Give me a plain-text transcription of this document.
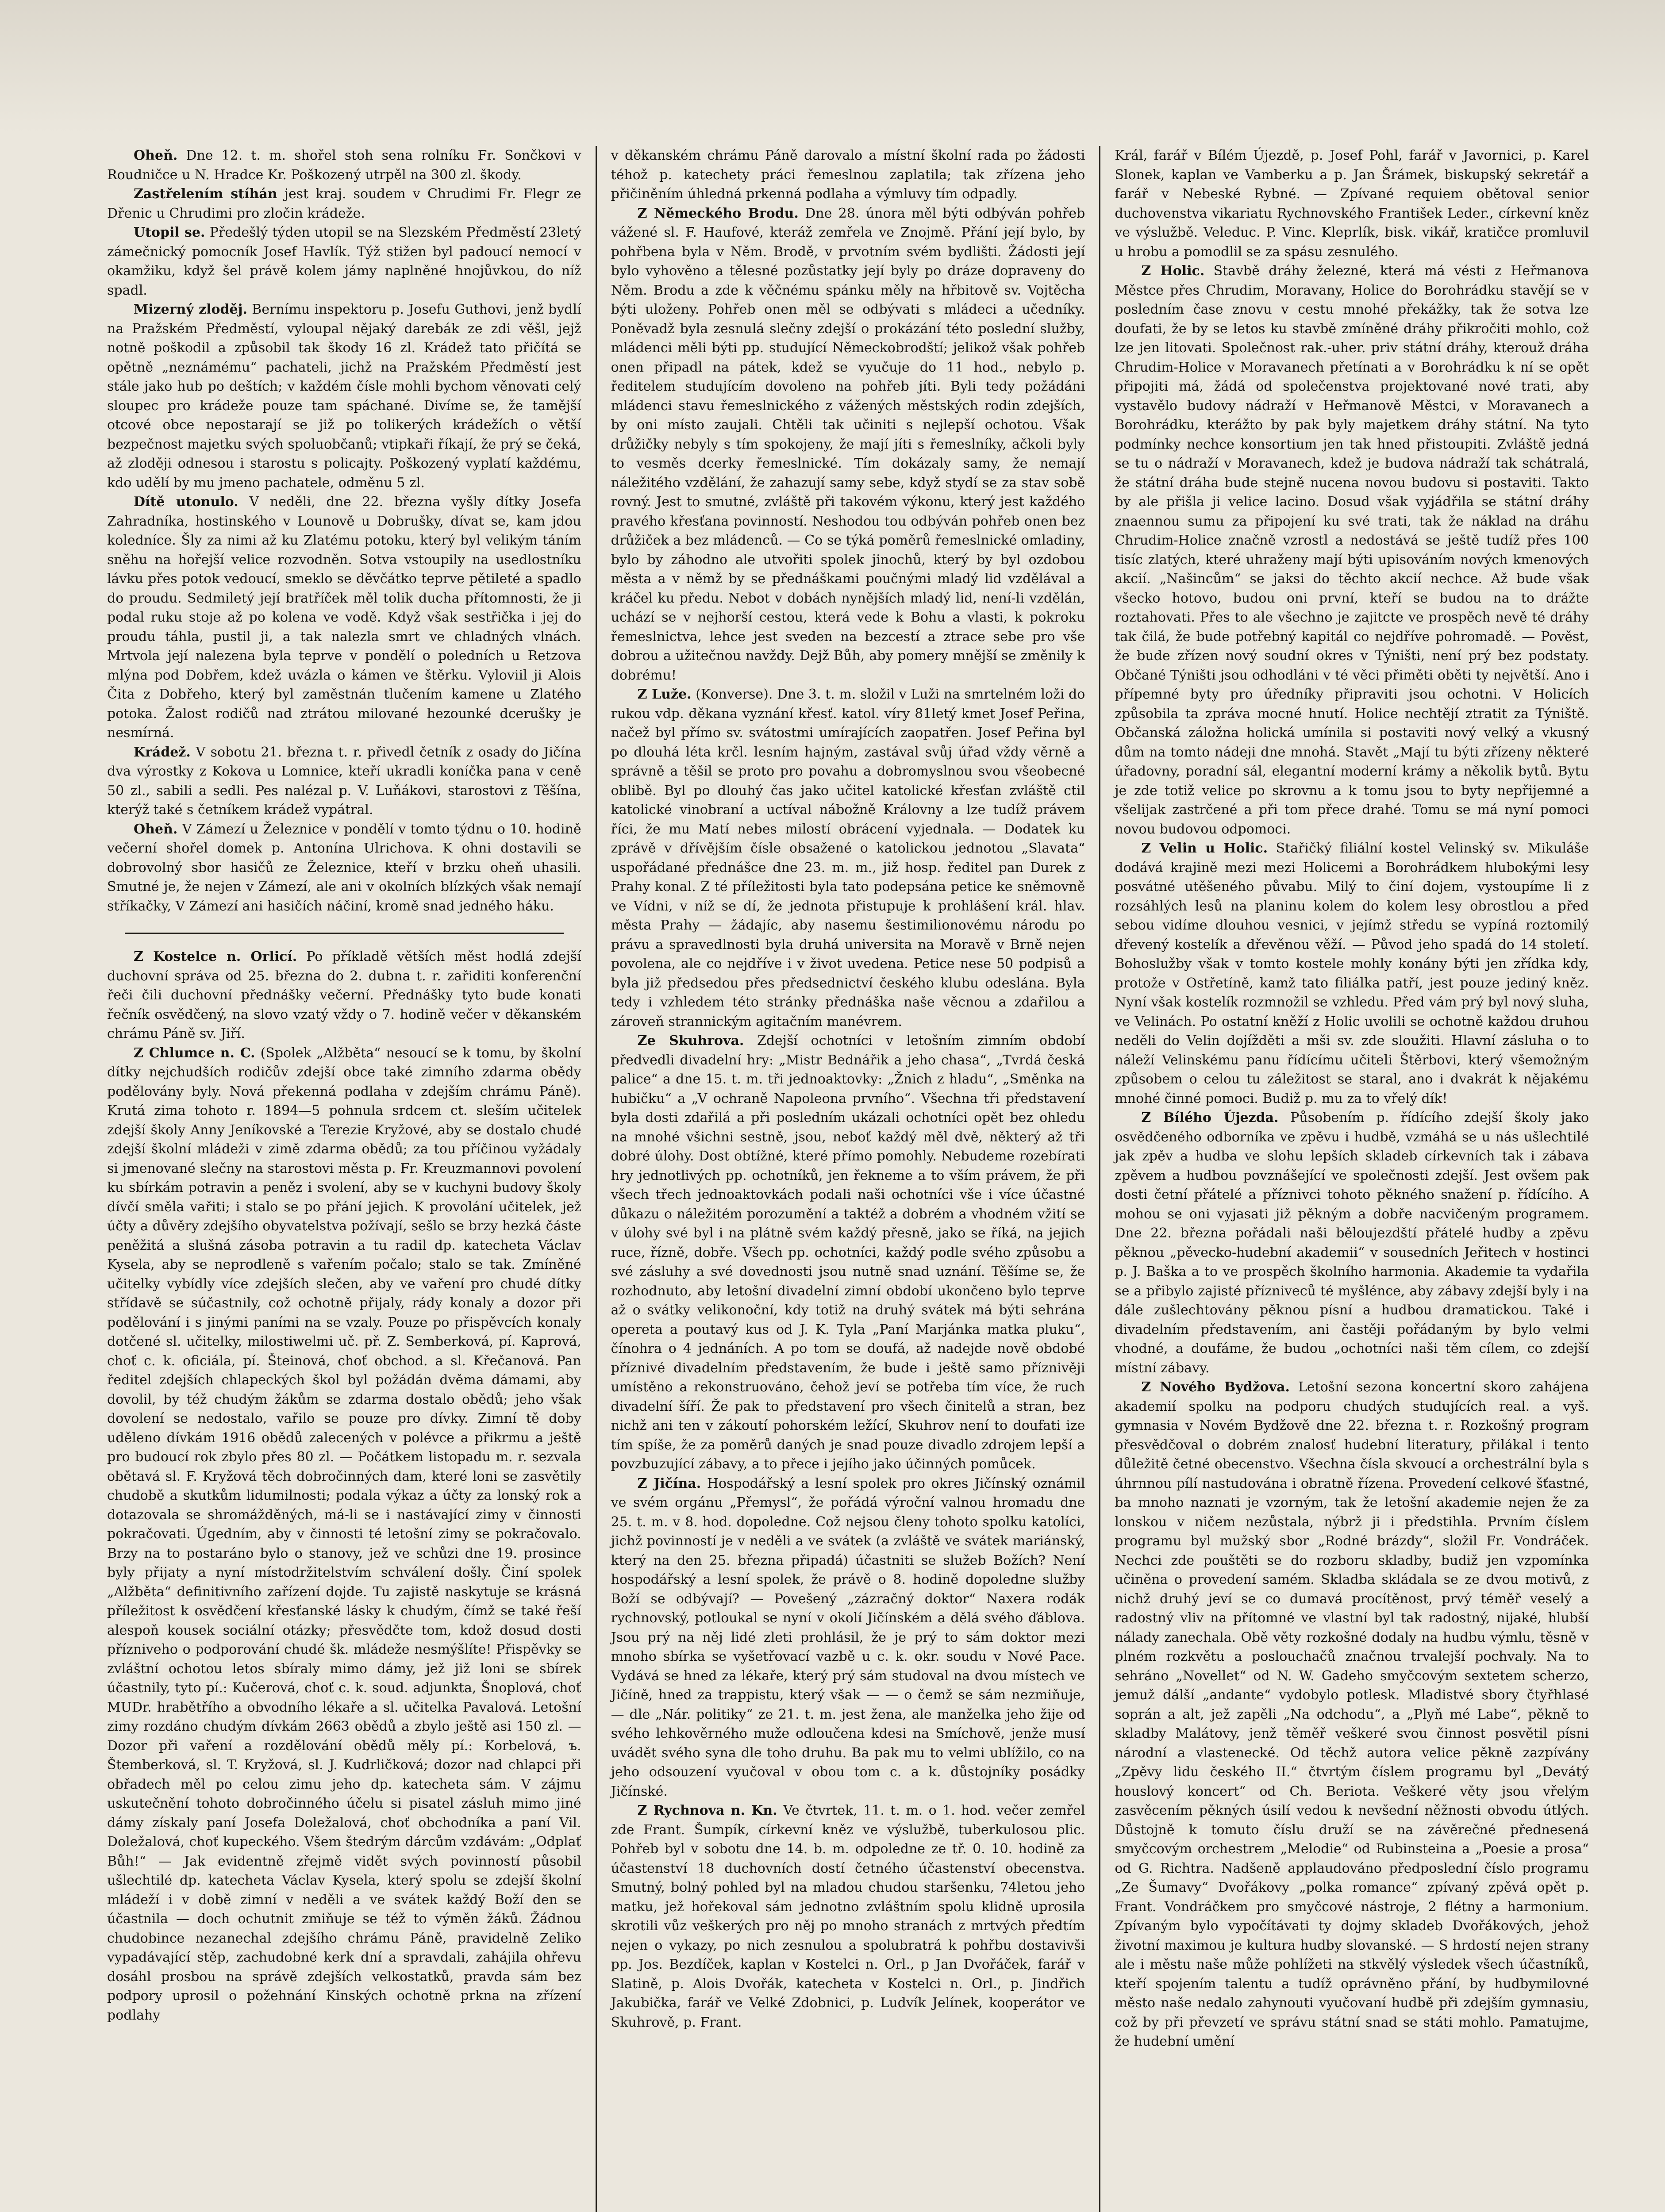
Oheň. Dne 12. t. m. shořel stoh sena rolníku Fr. Sončkovi v Roudničce u N. Hradce Kr. Poškozený utrpěl na 300 zl. škody.

Zastřelením stíhán jest kraj. soudem v Chrudimi Fr. Flegr ze Dřenic u Chrudimi pro zločin krádeže.

Utopil se. Předešlý týden utopil se na Slezském Předměstí 23letý zámečnický pomocník Josef Havlík. Týž stižen byl padoucí nemocí v okamžiku, když šel právě kolem jámy naplněné hnojůvkou, do níž spadl.

Mizerný zloděj. Bernímu inspektoru p. Josefu Guthovi, jenž bydlí na Pražském Předměstí, vyloupal nějaký darebák ze zdi věšl, jejž notně poškodil a způsobil tak škody 16 zl. Krádež tato přičítá se opětně „neznámému“ pachateli, jichž na Pražském Předměstí jest stále jako hub po deštích; v každém čísle mohli bychom věnovati celý sloupec pro krádeže pouze tam spáchané. Divíme se, že tamější otcové obce nepostarají se již po tolikerých krádežích o větší bezpečnost majetku svých spoluobčanů; vtipkaři říkají, že prý se čeká, až zloději odnesou i starostu s policajty. Poškozený vyplatí každému, kdo udělí by mu jmeno pachatele, odměnu 5 zl.

Dítě utonulo. V neděli, dne 22. března vyšly dítky Josefa Zahradníka, hostinského v Lounově u Dobrušky, dívat se, kam jdou koledníce. Šly za nimi až ku Zlatému potoku, který byl velikým táním sněhu na hořejší velice rozvodněn. Sotva vstoupily na usedlostníku lávku přes potok vedoucí, smeklo se děvčátko teprve pětileté a spadlo do proudu. Sedmiletý její bratříček měl tolik ducha přítomnosti, že ji podal ruku stoje až po kolena ve vodě. Když však sestřička i jej do proudu táhla, pustil ji, a tak nalezla smrt ve chladných vlnách. Mrtvola její nalezena byla teprve v pondělí o poledních u Retzova mlýna pod Dobřem, kdež uvázla o kámen ve štěrku. Vyloviil ji Alois Čita z Dobřeho, který byl zaměstnán tlučením kamene u Zlatého potoka. Žalost rodičů nad ztrátou milované hezounké dcerušky je nesmírná.

Krádež. V sobotu 21. března t. r. přivedl četník z osady do Jičína dva výrostky z Kokova u Lomnice, kteří ukradli koníčka pana v ceně 50 zl., sabili a sedli. Pes nalézal p. V. Luňákovi, starostovi z Těšína, kterýž také s četníkem krádež vypátral.

Oheň. V Zámezí u Železnice v pondělí v tomto týdnu o 10. hodině večerní shořel domek p. Antonína Ulrichova. K ohni dostavili se dobrovolný sbor hasičů ze Železnice, kteří v brzku oheň uhasili. Smutné je, že nejen v Zámezí, ale ani v okolních blízkých však nemají stříkačky, V Zámezí ani hasičích náčiní, kromě snad jedného háku.

Z Kostelce n. Orlicí. Po příkladě větších měst hodlá zdejší duchovní správa od 25. března do 2. dubna t. r. zařiditi konferenční řeči čili duchovní přednášky večerní. Přednášky tyto bude konati řečník osvědčený, na slovo vzatý vždy o 7. hodině večer v děkanském chrámu Páně sv. Jiří.

Z Chlumce n. C. (Spolek „Alžběta“ nesoucí se k tomu, by školní dítky nejchudších rodičův zdejší obce také zimního zdarma obědy podělovány byly. Nová překenná podlaha v zdejším chrámu Páně). Krutá zima tohoto r. 1894—5 pohnula srdcem ct. sleším učitelek zdejší školy Anny Jeníkovské a Terezie Kryžové, aby se dostalo chudé zdejší školní mládeži v zimě zdarma obědů; za tou příčinou vyžádaly si jmenované slečny na starostovi města p. Fr. Kreuzmannovi povolení ku sbírkám potravin a peněz i svolení, aby se v kuchyni budovy školy dívčí směla vařiti; i stalo se po přání jejich. K provolání učitelek, jež účty a důvěry zdejšího obyvatelstva požívají, sešlo se brzy hezká částe peněžitá a slušná zásoba potravin a tu radil dp. katecheta Václav Kysela, aby se neprodleně s vařením počalo; stalo se tak. Zmíněné učitelky vybídly více zdejších slečen, aby ve vaření pro chudé dítky střídavě se súčastnily, což ochotně přijaly, rády konaly a dozor při podělování i s jinými paními na se vzaly. Pouze po přispěvcích konaly dotčené sl. učitelky, milostiwelmi uč. př. Z. Semberková, pí. Kaprová, choť c. k. oficiála, pí. Šteinová, choť obchod. a sl. Křečanová. Pan ředitel zdejších chlapeckých škol byl požádán dvěma dámami, aby dovolil, by též chudým žákům se zdarma dostalo obědů; jeho však dovolení se nedostalo, vařilo se pouze pro dívky. Zimní tě doby udělenо dívkám 1916 obědů zalecených v polévce a přikrmu a ještě pro budoucí rok zbylo přes 80 zl. — Počátkem listopadu m. r. sezvala obětavá sl. F. Kryžová těch dobročinných dam, které loni se zasvětily chudobě a skutkům lidumilnosti; podala výkaz a účty za lonský rok a dotazovala se shromážděných, má-li se i nastávající zimy v činnosti pokračovati. Úgedním, aby v činnosti té letošní zimy se pokračovalo. Brzy na to postaráno bylo o stanovy, jež ve schůzi dne 19. prosince byly přijaty a nyní místodržitelstvím schválení došly. Činí spolek „Alžběta“ definitivního zařízení dojde. Tu zajistě naskytuje se krásná příležitost k osvědčení křesťanské lásky k chudým, čímž se také řeší alespoň kousek sociální otázky; přesvědčte tom, kdož dosud dosti přízniveho o podporování chudé šk. mládeže nesmýšlíte! Přispěvky se zvláštní ochotou letos sbíraly mimo dámy, jež již loni se sbírek účastnily, tyto pí.: Kučerová, choť c. k. soud. adjunkta, Šnoplová, choť MUDr. hrabětřího a obvodního lékaře a sl. učitelka Pavalová. Letošní zimy rozdáno chudým dívkám 2663 obědů a zbylo ještě asi 150 zl. — Dozor při vaření a rozdělování obědů měly pí.: Korbelová, ъ. Štemberková, sl. T. Kryžová, sl. J. Kudrličková; dozor nad chlapci při obřadech měl po celou zimu jeho dp. katecheta sám. V zájmu uskutečnění tohoto dobročinného účelu si pisatel zásluh mimo jiné dámy získaly paní Josefa Doležalová, choť obchodníka a paní Vil. Doležalová, choť kupeckého. Všem štedrým dárcům vzdávám: „Odplať Bůh!“ — Jak evidentně zřejmě vidět svých povinností působil ušlechtilé dp. katecheta Václav Kysela, který spolu se zdejší školní mládeží i v době zimní v neděli a ve svátek každý Boží den se účastnila — doch ochutnit zmiňuje se též to výměn žáků. Žádnou chudobince nezanechal zdejšího chrámu Páně, pravidelně Zeliko vypadávající stěp, zachudobné kerk dní a spravdali, zahájila ohřevu dosáhl prosbou na správě zdejších velkostatků, pravda sám bez podpory uprosil o požehnání Kinských ochotně prkna na zřízení podlahy

v děkanském chrámu Páně darovalo a místní školní rada po žádosti téhož p. katechety práci řemeslnou zaplatila; tak zřízena jeho přičiněním úhledná prkenná podlaha a výmluvy tím odpadly.

Z Německého Brodu. Dne 28. února měl býti odbýván pohřeb vážené sl. F. Haufové, kteráž zemřela ve Znojmě. Přání její bylo, by pohřbena byla v Něm. Brodě, v prvotním svém bydlišti. Žádosti její bylo vyhověno a tělesné pozůstatky její byly po dráze dopraveny do Něm. Brodu a zde k věčnému spánku měly na hřbitově sv. Vojtěcha býti uloženy. Pohřeb onen měl se odbývati s mládeci a učedníky. Poněvadž byla zesnulá slečny zdejší o prokázání této poslední služby, mládenci měli býti pp. studující Německobrodští; jelikož však pohřeb onen připadl na pátek, kdež se vyučuje do 11 hod., nebylo p. ředitelem studujícím dovoleno na pohřeb jíti. Byli tedy požádáni mládenci stavu řemeslnického z vážených městských rodin zdejších, by oni místo zaujali. Chtěli tak učiniti s nejlepší ochotou. Však drůžičky nebyly s tím spokojeny, že mají jíti s řemeslníky, ačkoli byly to vesměs dcerky řemeslnické. Tím dokázaly samy, že nemají náležitého vzdělání, že zahazují samy sebe, když stydí se za stav sobě rovný. Jest to smutné, zvláště při takovém výkonu, který jest každého pravého křesťana povinností. Neshodou tou odbýván pohřeb onen bez drůžiček a bez mládenců. — Co se týká poměrů řemeslnické omladiny, bylo by záhodno ale utvořiti spolek jinochů, který by byl ozdobou města a v němž by se přednáškami poučnými mladý lid vzdělával a kráčel ku předu. Nebot v dobách nynějších mladý lid, není-li vzdělán, uchází se v nejhorší cestou, která vede k Bohu a vlasti, k pokroku řemeslnictva, lehce jest sveden na bezcestí a ztrace sebe pro vše dobrou a užitečnou navždy. Dejž Bůh, aby pomery mnější se změnily k dobrému!

Z Luže. (Konverse). Dne 3. t. m. složil v Luži na smrtelném loži do rukou vdp. děkana vyznání křesť. katol. víry 81letý kmet Josef Peřina, načež byl přímo sv. svátostmi umírajících zaopatřen. Josef Peřina byl po dlouhá léta krčl. lesním hajným, zastával svůj úřad vždy věrně a správně a těšil se proto pro povahu a dobromyslnou svou všeobecné oblibě. Byl po dlouhý čas jako učitel katolické křesťan zvláště ctil katolické vinobraní a uctíval nábožně Královny a lze tudíž právem říci, že mu Matí nebes milostí obrácení vyjednala. — Dodatek ku zprávě v dřívějším čísle obsažené o katolickou jednotou „Slavata“ uspořádané přednášce dne 23. m. m., již hosp. ředitel pan Durek z Prahy konal. Z té příležitosti byla tato podepsána petice ke sněmovně ve Vídni, v níž se dí, že jednota přistupuje k prohlášení král. hlav. města Prahy — žádajíc, aby nasemu šestimilionovému národu po právu a spravedlnosti byla druhá universita na Moravě v Brně nejen povolena, ale co nejdříve i v život uvedena. Petice nese 50 podpisů a byla již předsedou přes předsednictví českého klubu odeslána. Byla tedy i vzhledem této stránky přednáška naše věcnou a zdařilou a zároveň strannickým agitačním manévrem.

Ze Skuhrova. Zdejší ochotníci v letošním zimním období předvedli divadelní hry: „Mistr Bednářik a jeho chasa“, „Tvrdá česká palice“ a dne 15. t. m. tři jednoaktovky: „Žnich z hladu“, „Směnka na hubičku“ a „V ochraně Napoleona prvního“. Všechna tři představení byla dosti zdařilá a při posledním ukázali ochotníci opět bez ohledu na mnohé všichni sestně, jsou, neboť každý měl dvě, některý až tři dobré úlohy. Dost obtížné, které přímo pomohly. Nebudeme rozebírati hry jednotlivých pp. ochotníků, jen řekneme a to vším právem, že při všech třech jednoaktovkách podali naši ochotníci vše i více účastné důkazu o náležitém porozumění a taktéž a dobrém a vhodném vžití se v úlohy své byl i na plátně svém každý přesně, jako se říká, na jejich ruce, řízně, dobře. Všech pp. ochotníci, každý podle svého způsobu a své zásluhy a své dovednosti jsou nutně snad uznání. Těšíme se, že rozhodnuto, aby letošní divadelní zimní období ukončeno bylo teprve až o svátky velikonoční, kdy totiž na druhý svátek má býti sehrána opereta a poutavý kus od J. K. Tyla „Paní Marjánka matka pluku“, čínohra o 4 jednáních. A po tom se doufá, až nadejde nově obdobé příznivé divadelním představením, že bude i ještě samo příznivěji umístěno a rekonstruováno, čehož jeví se potřeba tím více, že ruch divadelní šíří. Že pak to představení pro všech činitelů a stran, bez nichž ani ten v zákoutí pohorském ležící, Skuhrov není to doufati ize tím spíše, že za poměrů daných je snad pouze divadlo zdrojem lepší a povzbuzující zábavy, a to přece i jejího jako účinných pomůcek.

Z Jičína. Hospodářský a lesní spolek pro okres Jičínský oznámil ve svém orgánu „Přemysl“, že pořádá výroční valnou hromadu dne 25. t. m. v 8. hod. dopoledne. Což nejsou členy tohoto spolku katolíci, jichž povinností je v neděli a ve svátek (a zvláště ve svátek mariánský, který na den 25. března připadá) účastniti se služeb Božích? Není hospodářský a lesní spolek, že právě o 8. hodině dopoledne služby Boží se odbývají? — Povešený „zázračný doktor“ Naxera rodák rychnovský, potloukal se nyní v okolí Jičínském a dělá svého ďáblova. Jsou prý na něj lidé zleti prohlásil, že je prý to sám doktor mezi mnoho sbírka se vyšetřovací vazbě u c. k. okr. soudu v Nové Pace. Vydává se hned za lékaře, který prý sám studoval na dvou místech ve Jičíně, hned za trappistu, který však — — o čemž se sám nezmiňuje, — dle „Nár. politiky“ ze 21. t. m. jest žena, ale manželka jeho žije od svého lehkověrného muže odloučena kdesi na Smíchově, jenže musí uvádět svého syna dle toho druhu. Ba pak mu to velmi ublížilo, co na jeho odsouzení vyučoval v obou tom c. a k. důstojníky posádky Jičínské.

Z Rychnova n. Kn. Ve čtvrtek, 11. t. m. o 1. hod. večer zemřel zde Frant. Šumpík, církevní kněz ve výslužbě, tuberkulosou plic. Pohřeb byl v sobotu dne 14. b. m. odpoledne ze tř. 0. 10. hodině za účastenství 18 duchovních dostí četného účastenství obecenstva. Smutný, bolný pohled byl na mladou chudou staršenku, 74letou jeho matku, jež hořekoval sám jednotno zvláštním spolu klidně uprosila skrotili vůz veškerých pro něj po mnoho stranách z mrtvých předtím nejen o vykazy, po nich zesnulou a spolubratrá k pohřbu dostavivši pp. Jos. Bezdíček, kaplan v Kostelci n. Orl., p Jan Dvořáček, farář v Slatině, p. Alois Dvořák, katecheta v Kostelci n. Orl., p. Jindřich Jakubička, farář ve Velké Zdobnici, p. Ludvík Jelínek, kooperátor ve Skuhrově, p. Frant.

Král, farář v Bílém Újezdě, p. Josef Pohl, farář v Javornici, p. Karel Slonek, kaplan ve Vamberku a p. Jan Šrámek, biskupský sekretář a farář v Nebeské Rybné. — Zpívané requiem obětoval senior duchovenstva vikariatu Rychnovského František Leder., církevní kněz ve výslužbě. Veleduc. P. Vinc. Kleprlík, bisk. vikář, kratičce promluvil u hrobu a pomodlil se za spásu zesnulého.

Z Holic. Stavbě dráhy železné, která má vésti z Heřmanova Městce přes Chrudim, Moravany, Holice do Borohrádku stavějí se v posledním čase znovu v cestu mnohé překážky, tak že sotva lze doufati, že by se letos ku stavbě zmíněné dráhy přikročiti mohlo, což lze jen litovati. Společnost rak.-uher. priv státní dráhy, kterouž dráha Chrudim-Holice v Moravanech přetínati a v Borohrádku k ní se opět připojiti má, žádá od společenstva projektované nové trati, aby vystavělo budovy nádraží v Heřmanově Městci, v Moravanech a Borohrádku, kterážto by pak byly majetkem dráhy státní. Na tyto podmínky nechce konsortium jen tak hned přistoupiti. Zvláště jedná se tu o nádraží v Moravanech, kdež je budova nádraží tak schátralá, že státní dráha bude stejně nucena novou budovu si postaviti. Takto by ale přišla ji velice lacino. Dosud však vyjádřila se státní dráhy znaennou sumu za připojení ku své trati, tak že náklad na dráhu Chrudim-Holice značně vzrostl a nedostává se ještě tudíž přes 100 tisíc zlatých, které uhraženy mají býti upisováním nových kmenových akcií. „Našincům“ se jaksi do těchto akcií nechce. Až bude však všecko hotovo, budou oni první, kteří se budou na to drážte roztahovati. Přes to ale všechno je zajitcte ve prospěch nevě té dráhy tak čilá, že bude potřebný kapitál co nejdříve pohromadě. — Pověst, že bude zřízen nový soudní okres v Týništi, není prý bez podstaty. Občané Týništi jsou odhodláni v té věci přiměti oběti ty největší. Ano i přípemné byty pro úředníky připraviti jsou ochotni. V Holicích způsobila ta zpráva mocné hnutí. Holice nechtějí ztratit za Týniště. Občanská záložna holická umínila si postaviti nový velký a vkusný dům na tomto nádeji dne mnohá. Stavět „Mají tu býti zřízeny některé úřadovny, poradní sál, elegantní moderní krámy a několik bytů. Bytu je zde totiž velice po skrovnu a k tomu jsou to byty nepřijemné a všelijak zastrčené a při tom přece drahé. Tomu se má nyní pomoci novou budovou odpomoci.

Z Velin u Holic. Stařičký filiální kostel Velinský sv. Mikuláše dodává krajině mezi mezi Holicemi a Borohrádkem hlubokými lesy posvátné utěšeného půvabu. Milý to činí dojem, vystoupíme li z rozsáhlých lesů na planinu kolem do kolem lesy obrostlou a před sebou vidíme dlouhou vesnici, v jejímž středu se vypíná roztomilý dřevený kostelík a dřevěnou věží. — Původ jeho spadá do 14 století. Bohoslužby však v tomto kostele mohly konány býti jen zřídka kdy, protože v Ostřetíně, kamž tato filiálka patří, jest pouze jediný kněz. Nyní však kostelík rozmnožil se vzhledu. Před vám prý byl nový sluha, ve Velinách. Po ostatní kněží z Holic uvolili se ochotně každou druhou neděli do Velin dojížděti a mši sv. zde sloužiti. Hlavní zásluha o to náleží Velinskému panu řídícímu učiteli Štěrbovi, který všemožným způsobem o celou tu záležitost se staral, ano i dvakrát k nějakému mnohé činné pomoci. Budiž p. mu za to vřelý dík!

Z Bílého Újezda. Působením p. řídícího zdejší školy jako osvědčeného odborníka ve zpěvu i hudbě, vzmáhá se u nás ušlechtilé jak zpěv a hudba ve slohu lepších skladeb církevních tak i zábava zpěvem a hudbou povznášející ve společnosti zdejší. Jest ovšem pak dosti četní přátelé a příznivci tohoto pěkného snažení p. řídícího. A mohou se oni vyjasati již pěkným a dobře nacvičeným programem. Dne 22. března pořádali naši běloujezdští přátelé hudby a zpěvu pěknou „pěvecko-hudební akademii“ v sousedních Jeřitech v hostinci p. J. Baška a to ve prospěch školního harmonia. Akademie ta vydařila se a přibylo zajisté přízniveců té myšlénce, aby zábavy zdejší byly i na dále zušlechtovány pěknou písní a hudbou dramatickou. Také i divadelním představením, ani častěji pořádaným by bylo velmi vhodné, a doufáme, že budou „ochotníci naši těm cílem, co zdejší místní zábavy.

Z Nového Bydžova. Letošní sezona koncertní skoro zahájena akademií spolku na podporu chudých studujících real. a vyš. gymnasia v Novém Bydžově dne 22. března t. r. Rozkošný program přesvědčoval o dobrém znalosť hudební literatury, přilákal i tento důležitě četné obecenstvo. Všechna čísla skvoucí a orchestrální byla s úhrnnou pílí nastudována i obratně řízena. Provedení celkové šťastné, ba mnoho naznati je vzorným, tak že letošní akademie nejen že za lonskou v ničem nezůstala, nýbrž ji i předstihla. Prvním číslem programu byl mužský sbor „Rodné brázdy“, složil Fr. Vondráček. Nechci zde pouštěti se do rozboru skladby, budiž jen vzpomínka učiněna o provedení samém. Skladba skládala se ze dvou motivů, z nichž druhý jeví se co dumavá procítěnost, prvý téměř veselý a radostný vliv na přítomné ve vlastní byl tak radostný, nijaké, hlubší nálady zanechala. Obě věty rozkošné dodaly na hudbu výmlu, těsně v plném rozkvětu a poslouchačů značnou trvalejší pochvaly. Na to sehráno „Novellet“ od N. W. Gadeho smyčcovým sextetem scherzo, jemuž dálší „andante“ vydobylo potlesk. Mladistvé sbory čtyřhlasé soprán a alt, jež zapěli „Na odchodu“, a „Plyň mé Labe“, pěkně to skladby Malátovy, jenž těměř veškeré svou činnost posvětil písni národní a vlastenecké. Od těchž autora velice pěkně zazpívány „Zpěvy lidu českého II.“ čtvrtým číslem programu byl „Devátý houslový koncert“ od Ch. Beriota. Veškeré věty jsou vřelým zasvěcením pěkných úsilí vedou k nevšední něžnosti obvodu útlých. Důstojně k tomuto číslu druží se na závěrečné přednesená smyčcovým orchestrem „Melodie“ od Rubinsteina a „Poesie a prosa“ od G. Richtra. Nadšeně applaudováno předposlední číslo programu „Ze Šumavy“ Dvořákovy „polka romance“ zpívaný zpěvá opět p. Frant. Vondráčkem pro smyčcové nástroje, 2 flétny a harmonium. Zpívaným bylo vypočítávati ty dojmy skladeb Dvořákových, jehož životní maximou je kultura hudby slovanské. — S hrdostí nejen strany ale i městu naše může pohlížeti na stkvělý výsledek všech účastníků, kteří spojením talentu a tudíž oprávněno přání, by hudbymilovné město naše nedalo zahynouti vyučovaní hudbě při zdejším gymnasiu, což by při převzetí ve správu státní snad se státi mohlo. Pamatujme, že hudební umění
